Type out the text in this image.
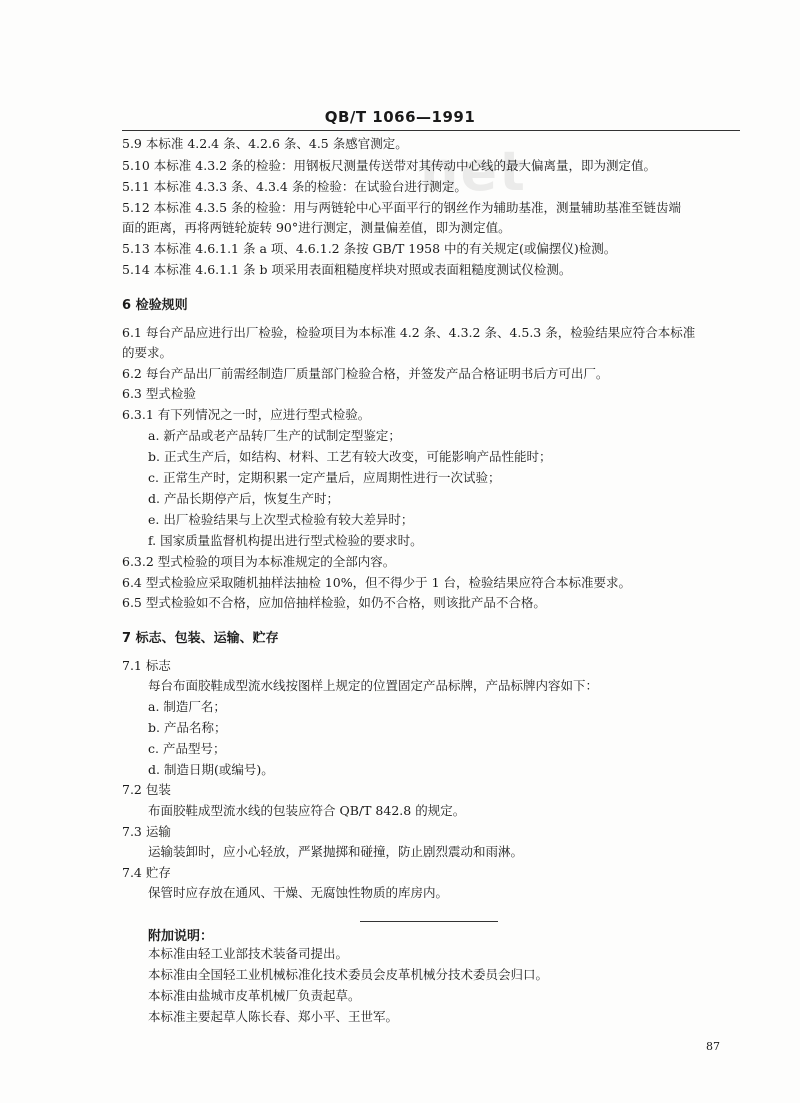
net
QB/T 1066—1991
5.9 本标准 4.2.4 条、4.2.6 条、4.5 条感官测定。
5.10 本标准 4.3.2 条的检验：用钢板尺测量传送带对其传动中心线的最大偏离量，即为测定值。
5.11 本标准 4.3.3 条、4.3.4 条的检验：在试验台进行测定。
5.12 本标准 4.3.5 条的检验：用与两链轮中心平面平行的钢丝作为辅助基准，测量辅助基准至链齿端
面的距离，再将两链轮旋转 90°进行测定，测量偏差值，即为测定值。
5.13 本标准 4.6.1.1 条 a 项、4.6.1.2 条按 GB/T 1958 中的有关规定(或偏摆仪)检测。
5.14 本标准 4.6.1.1 条 b 项采用表面粗糙度样块对照或表面粗糙度测试仪检测。
6.1 每台产品应进行出厂检验，检验项目为本标准 4.2 条、4.3.2 条、4.5.3 条，检验结果应符合本标准
的要求。
6.2 每台产品出厂前需经制造厂质量部门检验合格，并签发产品合格证明书后方可出厂。
6.3 型式检验
6.3.1 有下列情况之一时，应进行型式检验。
a. 新产品或老产品转厂生产的试制定型鉴定；
b. 正式生产后，如结构、材料、工艺有较大改变，可能影响产品性能时；
c. 正常生产时，定期积累一定产量后，应周期性进行一次试验；
d. 产品长期停产后，恢复生产时；
e. 出厂检验结果与上次型式检验有较大差异时；
f. 国家质量监督机构提出进行型式检验的要求时。
6.3.2 型式检验的项目为本标准规定的全部内容。
6.4 型式检验应采取随机抽样法抽检 10%，但不得少于 1 台，检验结果应符合本标准要求。
6.5 型式检验如不合格，应加倍抽样检验，如仍不合格，则该批产品不合格。
7.1 标志
每台布面胶鞋成型流水线按图样上规定的位置固定产品标牌，产品标牌内容如下：
a. 制造厂名；
b. 产品名称；
c. 产品型号；
d. 制造日期(或编号)。
7.2 包装
布面胶鞋成型流水线的包装应符合 QB/T 842.8 的规定。
7.3 运输
运输装卸时，应小心轻放，严紧抛掷和碰撞，防止剧烈震动和雨淋。
7.4 贮存
保管时应存放在通风、干燥、无腐蚀性物质的库房内。
本标准由轻工业部技术装备司提出。
本标准由全国轻工业机械标准化技术委员会皮革机械分技术委员会归口。
本标准由盐城市皮革机械厂负责起草。
本标准主要起草人陈长春、郑小平、王世军。
6 检验规则
7 标志、包装、运输、贮存
附加说明：
87
